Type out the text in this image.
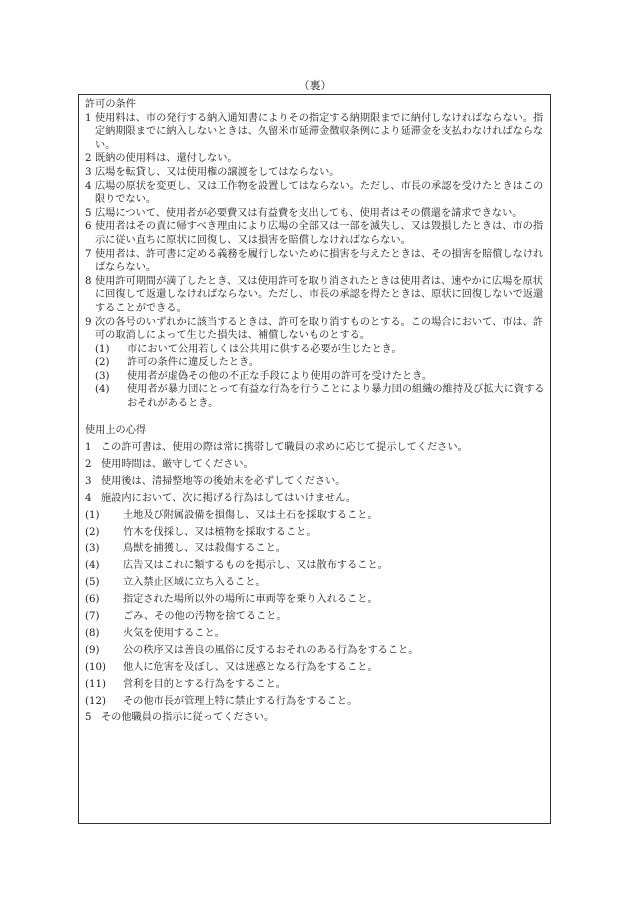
（裏）

許可の条件

1 使用料は、市の発行する納入通知書によりその指定する納期限までに納付しなければならない。指定納期限までに納入しないときは、久留米市延滞金徴収条例により延滞金を支払わなければならない。

2 既納の使用料は、還付しない。

3 広場を転貸し、又は使用権の譲渡をしてはならない。

4 広場の原状を変更し、又は工作物を設置してはならない。ただし、市長の承認を受けたときはこの限りでない。

5 広場について、使用者が必要費又は有益費を支出しても、使用者はその償還を請求できない。

6 使用者はその責に帰すべき理由により広場の全部又は一部を滅失し、又は毀損したときは、市の指示に従い直ちに原状に回復し、又は損害を賠償しなければならない。

7 使用者は、許可書に定める義務を履行しないために損害を与えたときは、その損害を賠償しなければならない。

8 使用許可期間が満了したとき、又は使用許可を取り消されたときは使用者は、速やかに広場を原状に回復して返還しなければならない。ただし、市長の承認を得たときは、原状に回復しないで返還することができる。

9 次の各号のいずれかに該当するときは、許可を取り消すものとする。この場合において、市は、許可の取消しによって生じた損失は、補償しないものとする。

(1) 市において公用若しくは公共用に供する必要が生じたとき。

(2) 許可の条件に違反したとき。

(3) 使用者が虚偽その他の不正な手段により使用の許可を受けたとき。

(4) 使用者が暴力団にとって有益な行為を行うことにより暴力団の組織の維持及び拡大に資するおそれがあるとき。

使用上の心得

1 この許可書は、使用の際は常に携帯して職員の求めに応じて提示してください。

2 使用時間は、厳守してください。

3 使用後は、清掃整地等の後始末を必ずしてください。

4 施設内において、次に掲げる行為はしてはいけません。

(1) 土地及び附属設備を損傷し、又は土石を採取すること。

(2) 竹木を伐採し、又は植物を採取すること。

(3) 鳥獣を捕獲し、又は殺傷すること。

(4) 広告又はこれに類するものを掲示し、又は散布すること。

(5) 立入禁止区域に立ち入ること。

(6) 指定された場所以外の場所に車両等を乗り入れること。

(7) ごみ、その他の汚物を捨てること。

(8) 火気を使用すること。

(9) 公の秩序又は善良の風俗に反するおそれのある行為をすること。

(10) 他人に危害を及ぼし、又は迷惑となる行為をすること。

(11) 営利を目的とする行為をすること。

(12) その他市長が管理上特に禁止する行為をすること。

5 その他職員の指示に従ってください。
